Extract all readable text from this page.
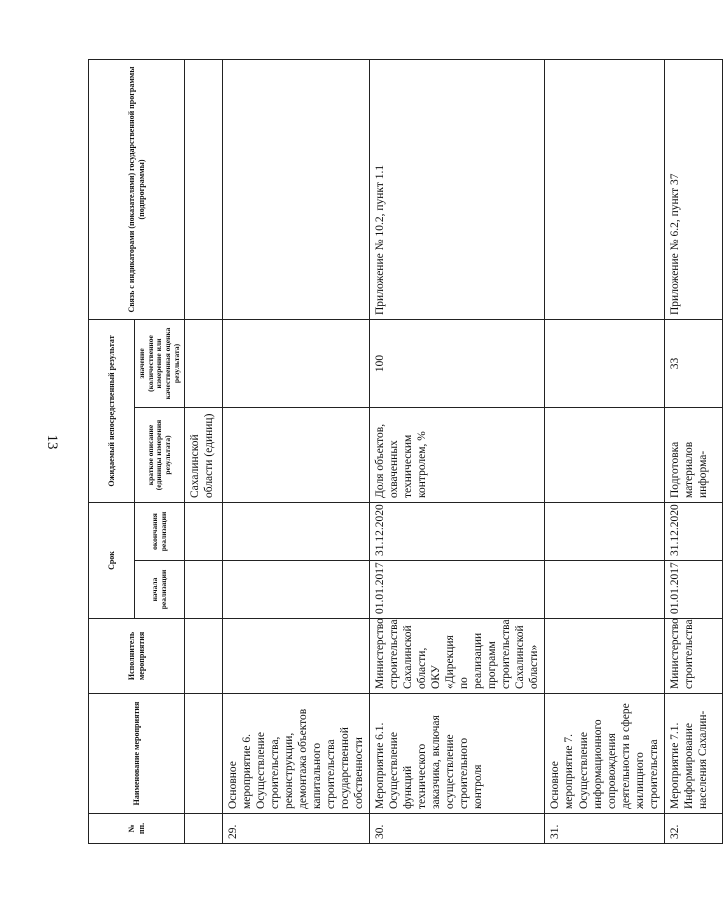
13
№ пп.	Наименование мероприятия	Исполнитель мероприятия	Срок		Ожидаемый непосредственный результат		Связь с индикаторами (показателями) государственной программы (подпрограммы)
			начала реализации	окончания реализации	краткое описание (единицы измерения результата)	значение (количественное измерение или качественная оценка результата)	
					Сахалинской области (единиц)		
29.	Основное мероприятие 6. Осуществление строительства, реконструкции, демонтажа объектов капитального строительства государственной собственности						
30.	Мероприятие 6.1. Осуществление функций технического заказчика, включая осуществление строительного контроля	Министерство строительства Сахалинской области, ОКУ «Дирекция по реализации программ строительства Сахалинской области»	01.01.2017	31.12.2020	Доля объектов, охваченных техническим контролем, %	100	Приложение № 10.2, пункт 1.1
31.	Основное мероприятие 7. Осуществление информационного сопровождения деятельности в сфере жилищного строительства						
32.	Мероприятие 7.1. Информирование населения Сахалин-	Министерство строительства	01.01.2017	31.12.2020	Подготовка материалов информа-	33	Приложение № 6.2, пункт 37
